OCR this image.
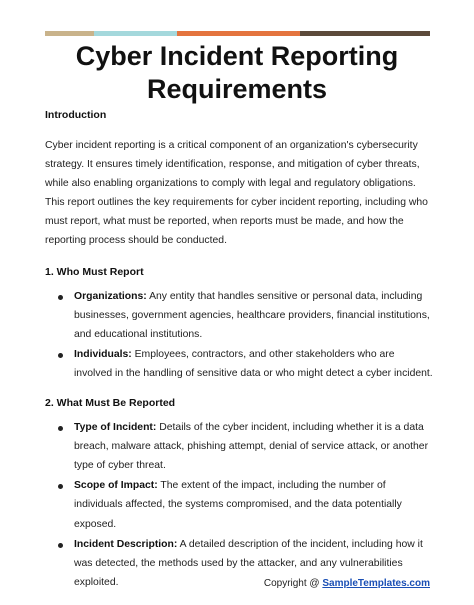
Cyber Incident Reporting Requirements

Introduction

Cyber incident reporting is a critical component of an organization's cybersecurity strategy. It ensures timely identification, response, and mitigation of cyber threats, while also enabling organizations to comply with legal and regulatory obligations. This report outlines the key requirements for cyber incident reporting, including who must report, what must be reported, when reports must be made, and how the reporting process should be conducted.

1. Who Must Report

Organizations: Any entity that handles sensitive or personal data, including businesses, government agencies, healthcare providers, financial institutions, and educational institutions.
Individuals: Employees, contractors, and other stakeholders who are involved in the handling of sensitive data or who might detect a cyber incident.

2. What Must Be Reported

Type of Incident: Details of the cyber incident, including whether it is a data breach, malware attack, phishing attempt, denial of service attack, or another type of cyber threat.
Scope of Impact: The extent of the impact, including the number of individuals affected, the systems compromised, and the data potentially exposed.
Incident Description: A detailed description of the incident, including how it was detected, the methods used by the attacker, and any vulnerabilities exploited.	Copyright @ SampleTemplates.com
